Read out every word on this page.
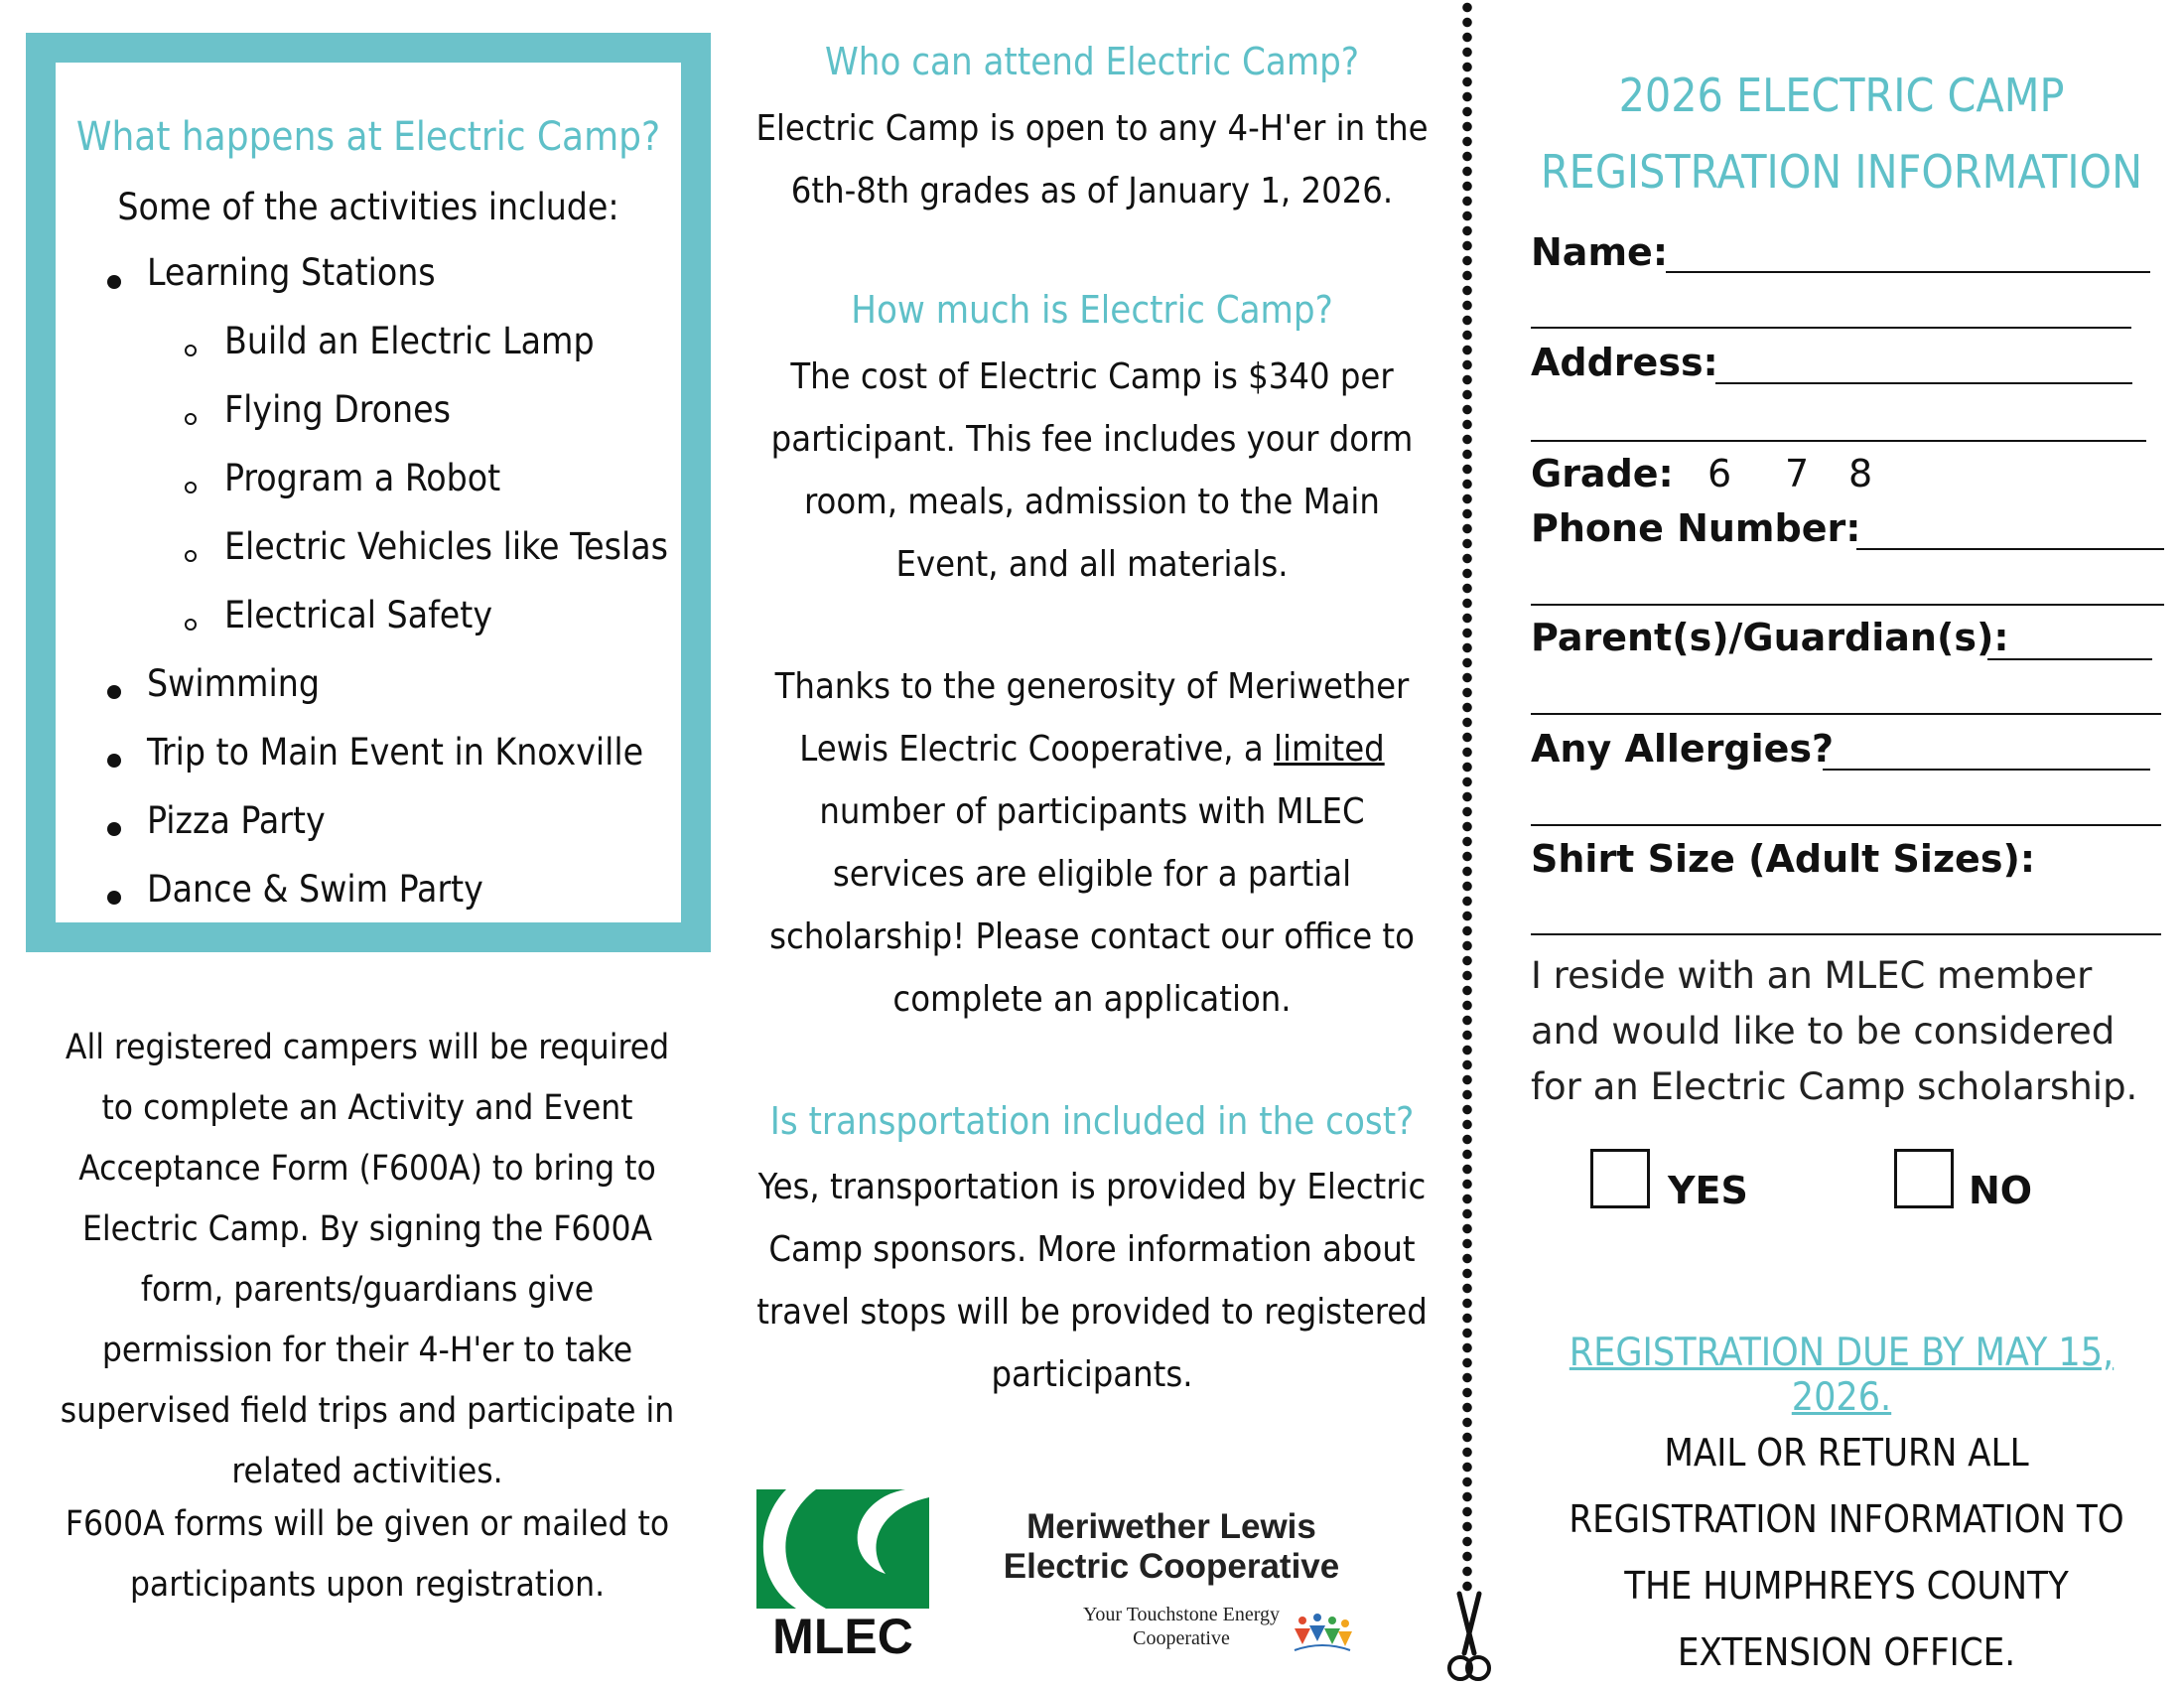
What happens at Electric Camp?
Some of the activities include:
Learning Stations
Build an Electric Lamp
Flying Drones
Program a Robot
Electric Vehicles like Teslas
Electrical Safety
Swimming
Trip to Main Event in Knoxville
Pizza Party
Dance & Swim Party
All registered campers will be required to complete an Activity and Event Acceptance Form (F600A) to bring to Electric Camp. By signing the F600A form, parents/guardians give permission for their 4-H'er to take supervised field trips and participate in related activities.
F600A forms will be given or mailed to participants upon registration.
Who can attend Electric Camp?
Electric Camp is open to any 4-H'er in the 6th-8th grades as of January 1, 2026.
How much is Electric Camp?
The cost of Electric Camp is $340 per participant. This fee includes your dorm room, meals, admission to the Main Event, and all materials.
Thanks to the generosity of Meriwether Lewis Electric Cooperative, a limited number of participants with MLEC services are eligible for a partial scholarship! Please contact our office to complete an application.
Is transportation included in the cost?
Yes, transportation is provided by Electric Camp sponsors. More information about travel stops will be provided to registered participants.
MLEC
Meriwether Lewis
Electric Cooperative
Your Touchstone Energy
Cooperative
2026 ELECTRIC CAMP
REGISTRATION INFORMATION
Name:
Address:
Grade: 6 7 8
Phone Number:
Parent(s)/Guardian(s):
Any Allergies?
Shirt Size (Adult Sizes):
I reside with an MLEC member and would like to be considered for an Electric Camp scholarship.
YES	NO
REGISTRATION DUE BY MAY 15, 2026.
MAIL OR RETURN ALL REGISTRATION INFORMATION TO THE HUMPHREYS COUNTY EXTENSION OFFICE.
